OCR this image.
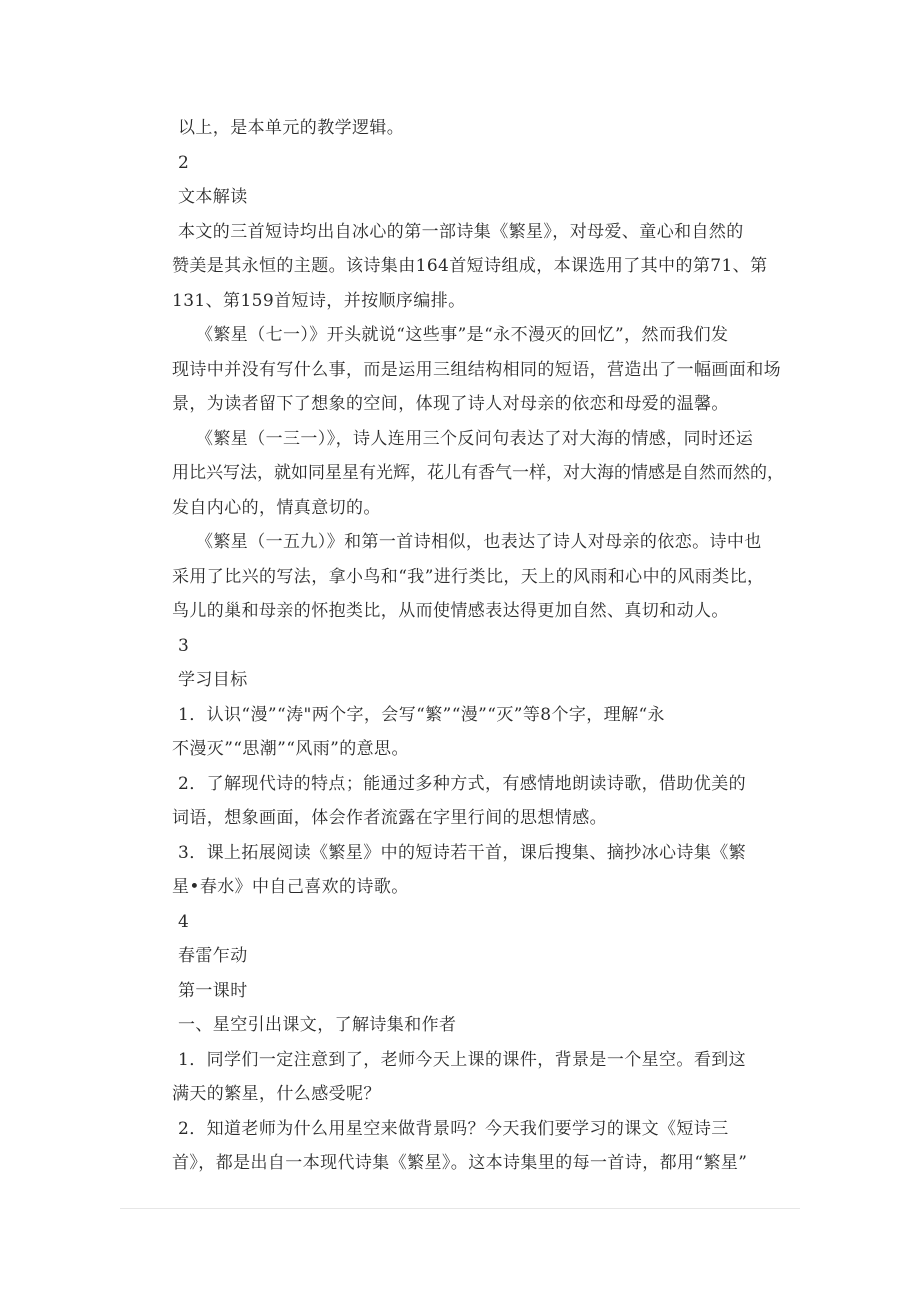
以上，是本单元的教学逻辑。
2
文本解读
本文的三首短诗均出自冰心的第一部诗集《繁星》，对母爱、童心和自然的
赞美是其永恒的主题。该诗集由164首短诗组成，本课选用了其中的第71、第
131、第159首短诗，并按顺序编排。
《繁星（七一）》开头就说“这些事”是“永不漫灭的回忆”，然而我们发
现诗中并没有写什么事，而是运用三组结构相同的短语，营造出了一幅画面和场
景，为读者留下了想象的空间，体现了诗人对母亲的依恋和母爱的温馨。
《繁星（一三一）》，诗人连用三个反问句表达了对大海的情感，同时还运
用比兴写法，就如同星星有光辉，花儿有香气一样，对大海的情感是自然而然的，
发自内心的，情真意切的。
《繁星（一五九）》和第一首诗相似，也表达了诗人对母亲的依恋。诗中也
采用了比兴的写法，拿小鸟和“我”进行类比，天上的风雨和心中的风雨类比，
鸟儿的巢和母亲的怀抱类比，从而使情感表达得更加自然、真切和动人。
3
学习目标
1．认识“漫”“涛"两个字，会写“繁”“漫”“灭”等8个字，理解“永
不漫灭”“思潮”“风雨”的意思。
2．了解现代诗的特点；能通过多种方式，有感情地朗读诗歌，借助优美的
词语，想象画面，体会作者流露在字里行间的思想情感。
3．课上拓展阅读《繁星》中的短诗若干首，课后搜集、摘抄冰心诗集《繁
星•春水》中自己喜欢的诗歌。
4
春雷乍动
第一课时
一、星空引出课文，了解诗集和作者
1．同学们一定注意到了，老师今天上课的课件，背景是一个星空。看到这
满天的繁星，什么感受呢？
2．知道老师为什么用星空来做背景吗？今天我们要学习的课文《短诗三
首》，都是出自一本现代诗集《繁星》。这本诗集里的每一首诗，都用“繁星”
